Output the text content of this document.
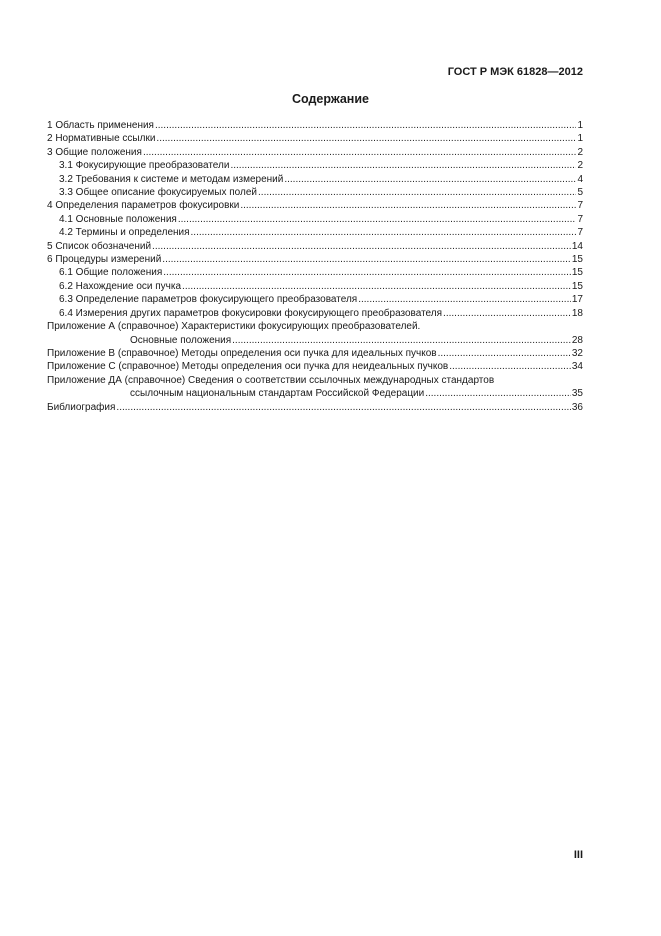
ГОСТ Р МЭК 61828—2012
Содержание
1 Область применения .....	1
2 Нормативные ссылки .....	1
3 Общие положения .....	2
3.1 Фокусирующие преобразователи .....	2
3.2 Требования к системе и методам измерений .....	4
3.3 Общее описание фокусируемых полей .....	5
4 Определения параметров фокусировки .....	7
4.1 Основные положения .....	7
4.2 Термины и определения .....	7
5 Список обозначений .....	14
6 Процедуры измерений .....	15
6.1 Общие положения .....	15
6.2 Нахождение оси пучка .....	15
6.3 Определение параметров фокусирующего преобразователя .....	17
6.4 Измерения других параметров фокусировки фокусирующего преобразователя .....	18
Приложение А (справочное) Характеристики фокусирующих преобразователей.
Основные положения .....	28
Приложение В (справочное) Методы определения оси пучка для идеальных пучков .....	32
Приложение С (справочное) Методы определения оси пучка для неидеальных пучков .....	34
Приложение ДА (справочное) Сведения о соответствии ссылочных международных стандартов
ссылочным национальным стандартам Российской Федерации .....	35
Библиография .....	36
III
